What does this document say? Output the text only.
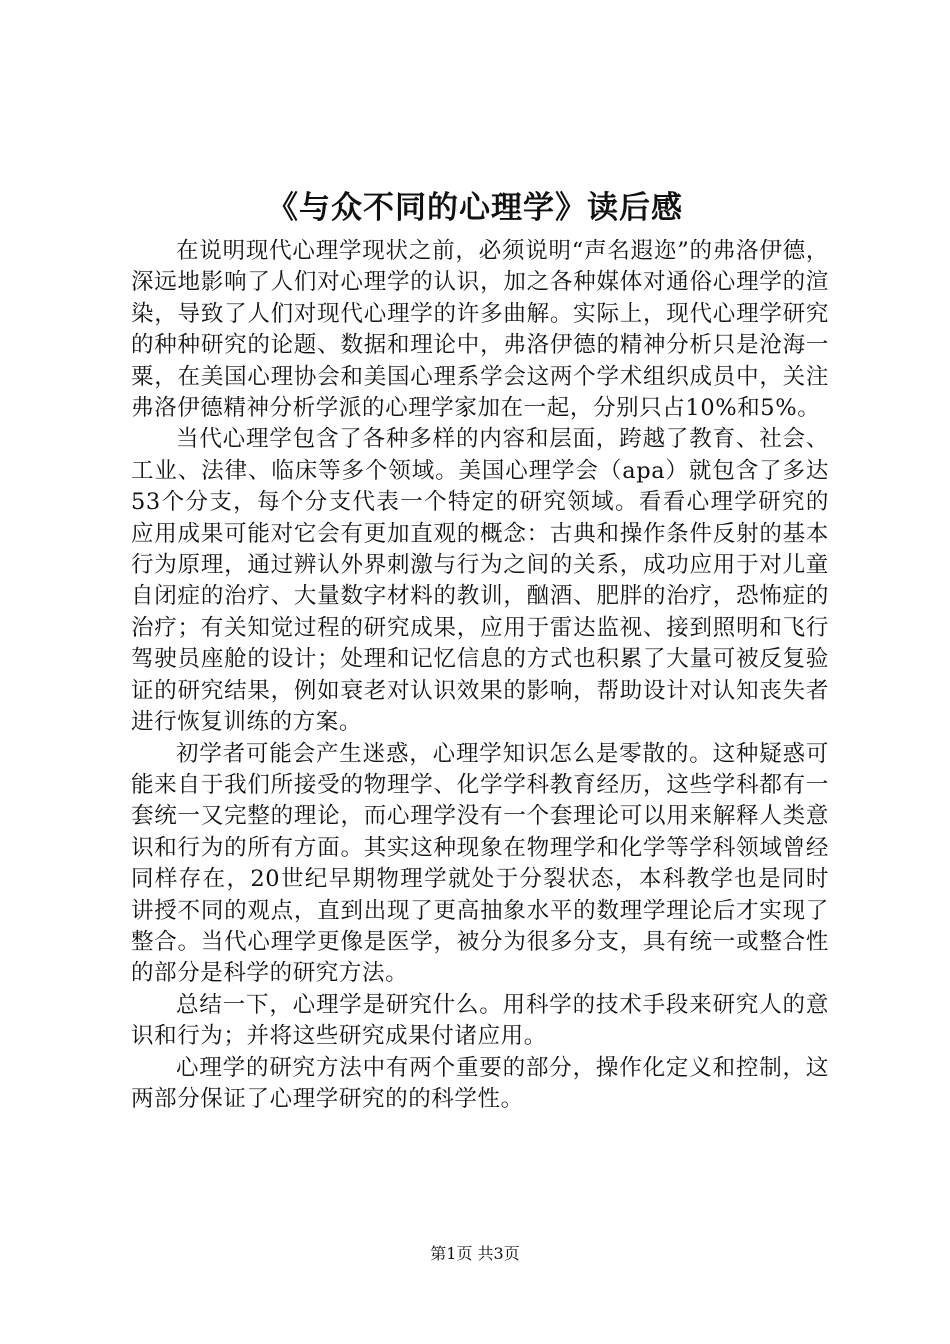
《与众不同的心理学》读后感

在说明现代心理学现状之前，必须说明“声名遐迩”的弗洛伊德，深远地影响了人们对心理学的认识，加之各种媒体对通俗心理学的渲染，导致了人们对现代心理学的许多曲解。实际上，现代心理学研究的种种研究的论题、数据和理论中，弗洛伊德的精神分析只是沧海一粟，在美国心理协会和美国心理系学会这两个学术组织成员中，关注弗洛伊德精神分析学派的心理学家加在一起，分别只占10%和5%。

当代心理学包含了各种多样的内容和层面，跨越了教育、社会、工业、法律、临床等多个领域。美国心理学会（apa）就包含了多达53个分支，每个分支代表一个特定的研究领域。看看心理学研究的应用成果可能对它会有更加直观的概念：古典和操作条件反射的基本行为原理，通过辨认外界刺激与行为之间的关系，成功应用于对儿童自闭症的治疗、大量数字材料的教训，酗酒、肥胖的治疗，恐怖症的治疗；有关知觉过程的研究成果，应用于雷达监视、接到照明和飞行驾驶员座舱的设计；处理和记忆信息的方式也积累了大量可被反复验证的研究结果，例如衰老对认识效果的影响，帮助设计对认知丧失者进行恢复训练的方案。

初学者可能会产生迷惑，心理学知识怎么是零散的。这种疑惑可能来自于我们所接受的物理学、化学学科教育经历，这些学科都有一套统一又完整的理论，而心理学没有一个套理论可以用来解释人类意识和行为的所有方面。其实这种现象在物理学和化学等学科领域曾经同样存在，20世纪早期物理学就处于分裂状态，本科教学也是同时讲授不同的观点，直到出现了更高抽象水平的数理学理论后才实现了整合。当代心理学更像是医学，被分为很多分支，具有统一或整合性的部分是科学的研究方法。

总结一下，心理学是研究什么。用科学的技术手段来研究人的意识和行为；并将这些研究成果付诸应用。

心理学的研究方法中有两个重要的部分，操作化定义和控制，这两部分保证了心理学研究的的科学性。

第1页 共3页
